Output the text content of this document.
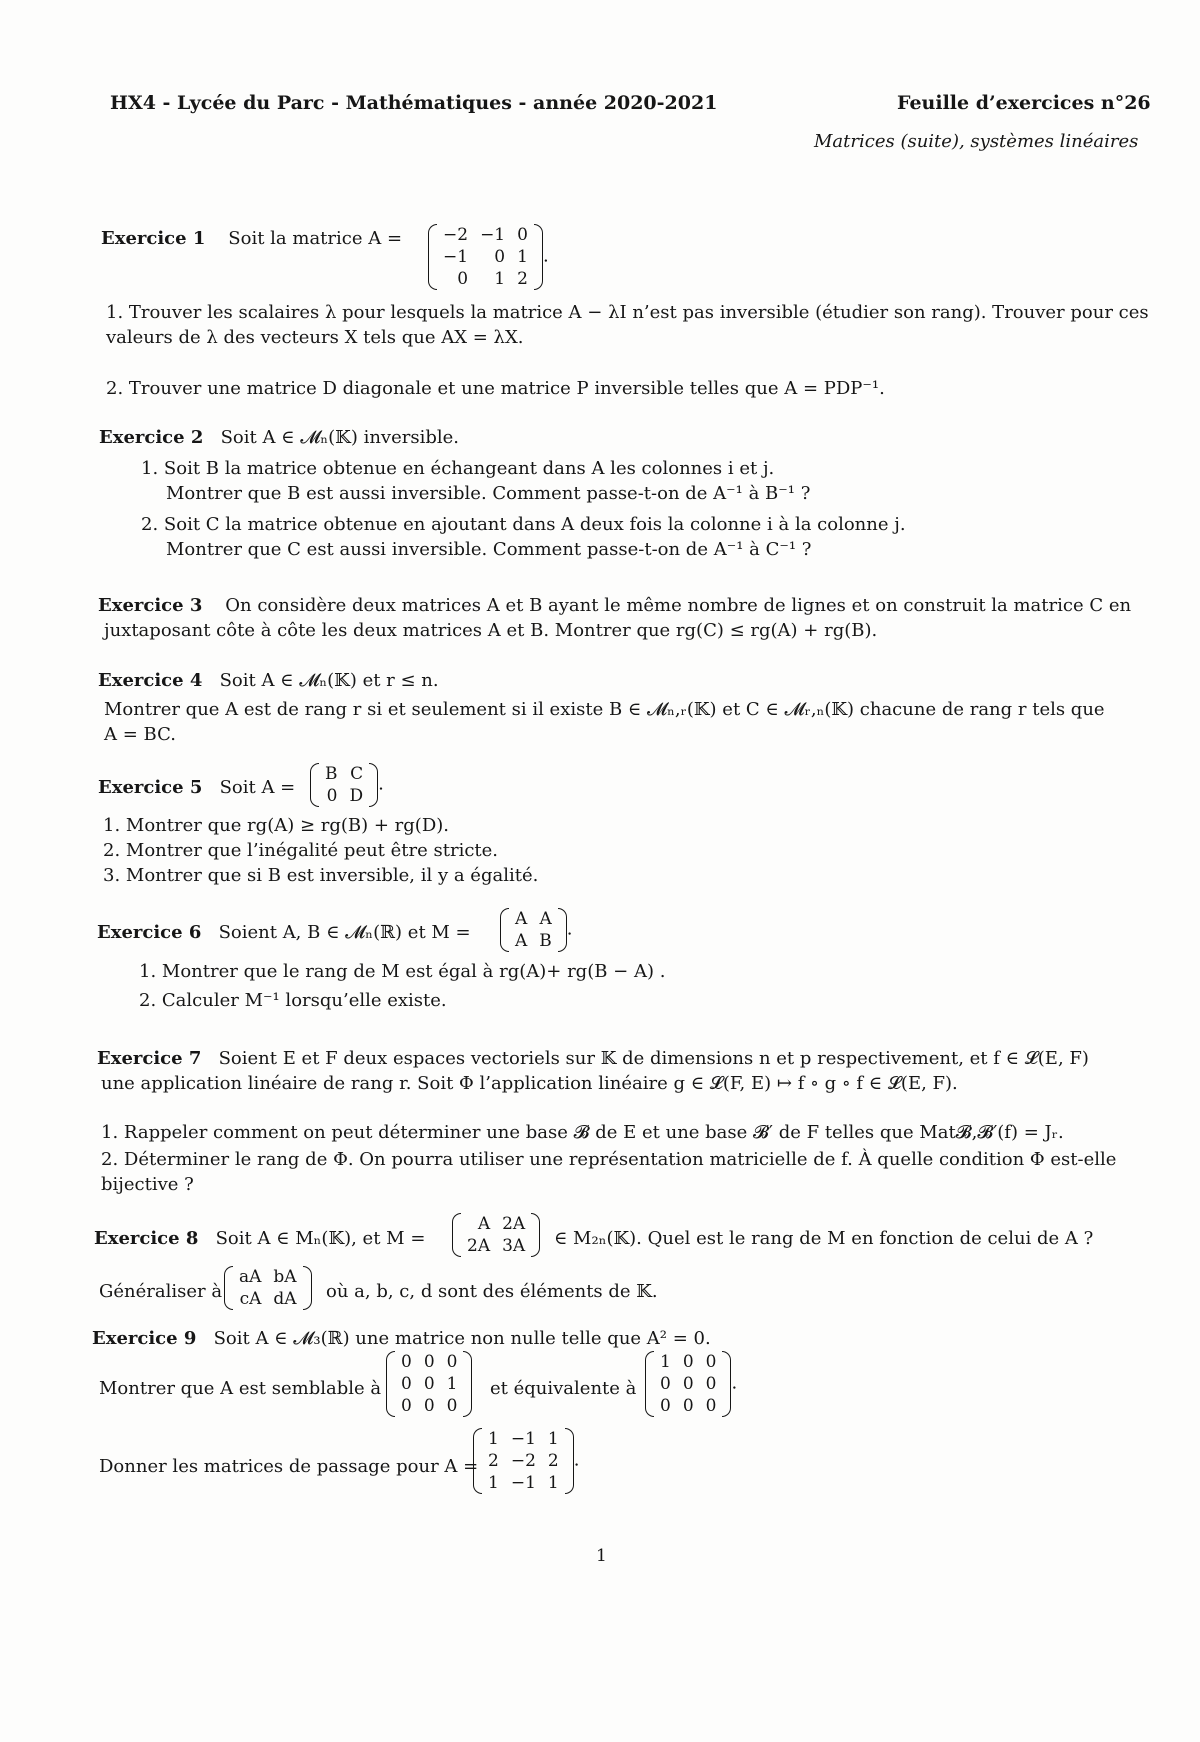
HX4 - Lycée du Parc - Mathématiques - année 2020-2021	Feuille d’exercices n°26
Matrices (suite), systèmes linéaires
Exercice 1 Soit la matrice A = −2	−1	0
−1	0	1
0	1	2
.
1. Trouver les scalaires λ pour lesquels la matrice A − λI n’est pas inversible (étudier son rang). Trouver pour ces
valeurs de λ des vecteurs X tels que AX = λX.
2. Trouver une matrice D diagonale et une matrice P inversible telles que A = PDP⁻¹.
Exercice 2 Soit A ∈ 𝓜ₙ(𝕂) inversible.
1. Soit B la matrice obtenue en échangeant dans A les colonnes i et j.
Montrer que B est aussi inversible. Comment passe-t-on de A⁻¹ à B⁻¹ ?
2. Soit C la matrice obtenue en ajoutant dans A deux fois la colonne i à la colonne j.
Montrer que C est aussi inversible. Comment passe-t-on de A⁻¹ à C⁻¹ ?
Exercice 3 On considère deux matrices A et B ayant le même nombre de lignes et on construit la matrice C en
juxtaposant côte à côte les deux matrices A et B. Montrer que rg(C) ≤ rg(A) + rg(B).
Exercice 4 Soit A ∈ 𝓜ₙ(𝕂) et r ≤ n.
Montrer que A est de rang r si et seulement si il existe B ∈ 𝓜ₙ,ᵣ(𝕂) et C ∈ 𝓜ᵣ,ₙ(𝕂) chacune de rang r tels que
A = BC.
Exercice 5 Soit A =
B	C
0	D
.
1. Montrer que rg(A) ≥ rg(B) + rg(D).
2. Montrer que l’inégalité peut être stricte.
3. Montrer que si B est inversible, il y a égalité.
Exercice 6 Soient A, B ∈ 𝓜ₙ(ℝ) et M =
A	A
A	B
.
1. Montrer que le rang de M est égal à rg(A)+ rg(B − A) .
2. Calculer M⁻¹ lorsqu’elle existe.
Exercice 7 Soient E et F deux espaces vectoriels sur 𝕂 de dimensions n et p respectivement, et f ∈ 𝓛(E, F)
une application linéaire de rang r. Soit Φ l’application linéaire g ∈ 𝓛(F, E) ↦ f ∘ g ∘ f ∈ 𝓛(E, F).
1. Rappeler comment on peut déterminer une base 𝓑 de E et une base 𝓑′ de F telles que Mat𝓑,𝓑′(f) = Jᵣ.
2. Déterminer le rang de Φ. On pourra utiliser une représentation matricielle de f. À quelle condition Φ est-elle
bijective ?
Exercice 8 Soit A ∈ Mₙ(𝕂), et M =
A	2A
2A	3A ∈ M₂ₙ(𝕂). Quel est le rang de M en fonction de celui de A ?
Généraliser à
aA	bA
cA	dA où a, b, c, d sont des éléments de 𝕂.
Exercice 9 Soit A ∈ 𝓜₃(ℝ) une matrice non nulle telle que A² = 0.
Montrer que A est semblable à
0	0	0
0	0	1
0	0	0
et équivalente à
1	0	0
0	0	0
0	0	0
.
Donner les matrices de passage pour A =
1	−1	1
2	−2	2
1	−1	1
.
1
